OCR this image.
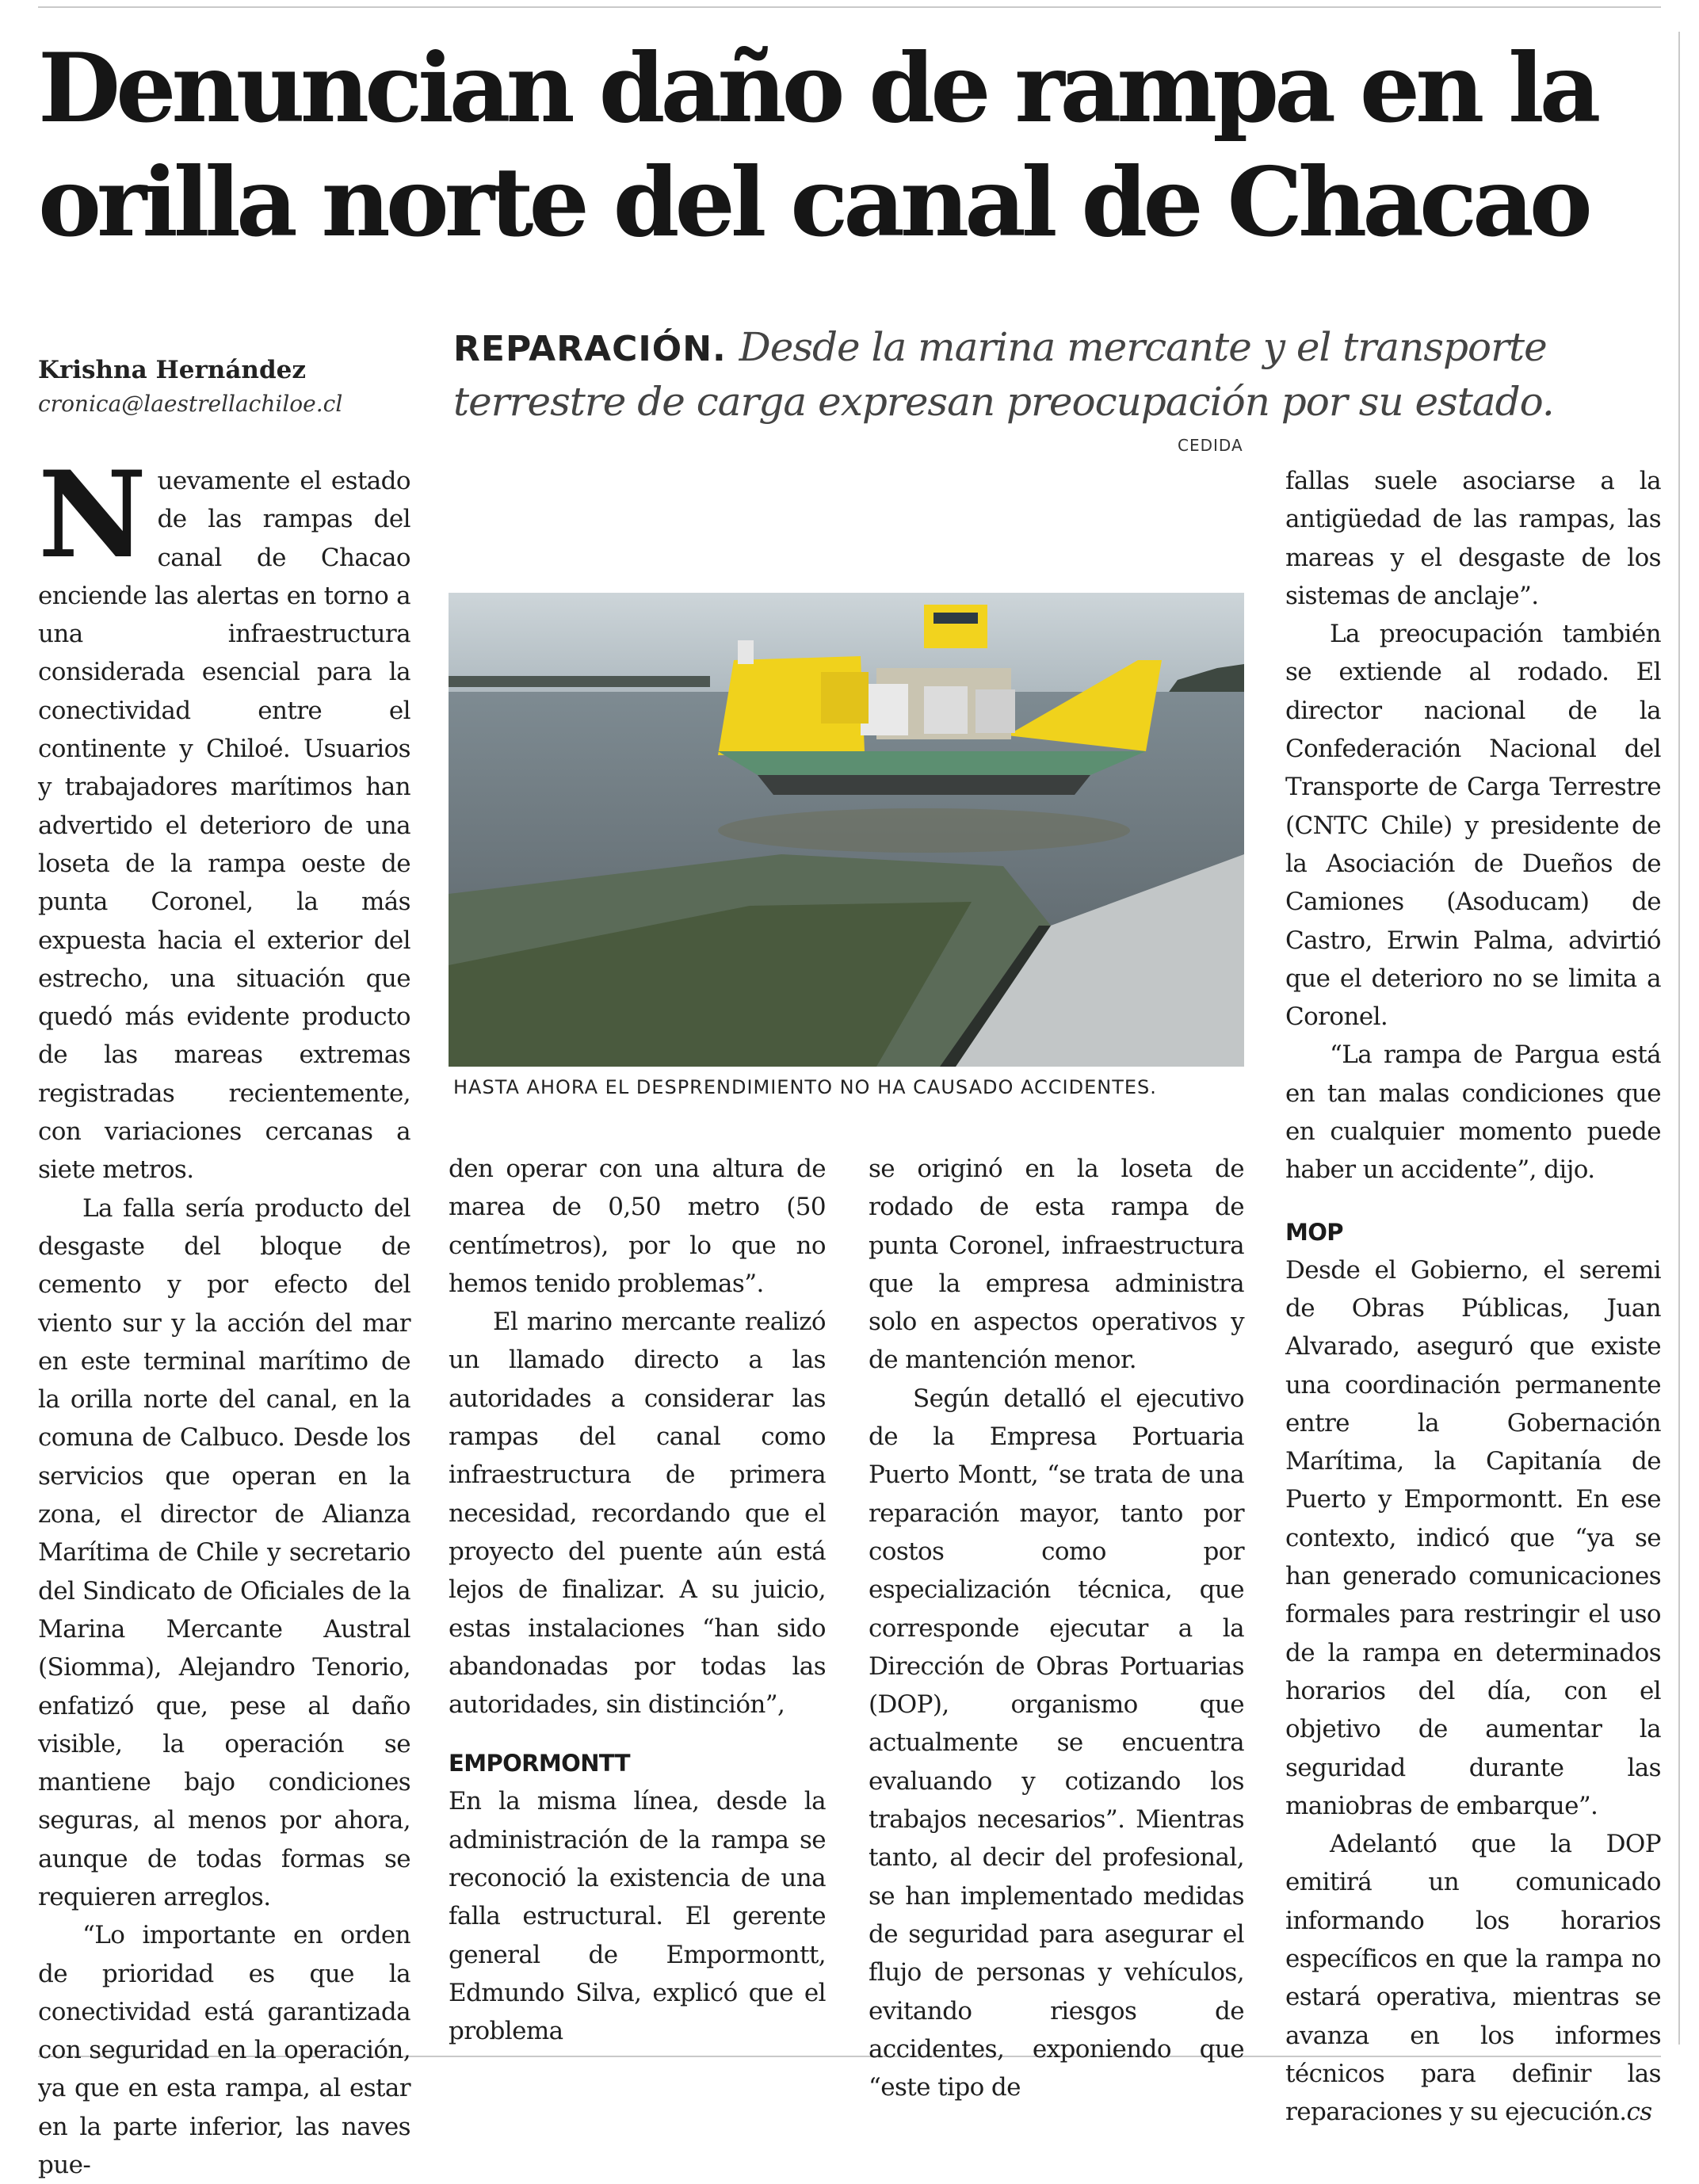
Denuncian daño de rampa en la
orilla norte del canal de Chacao
Krishna Hernández
cronica@laestrellachiloe.cl
REPARACIÓN. Desde la marina mercante y el transporte terrestre de carga expresan preocupación por su estado.
CEDIDA
HASTA AHORA EL DESPRENDIMIENTO NO HA CAUSADO ACCIDENTES.

Nuevamente el estado de las rampas del canal de Chacao enciende las alertas en torno a una infraestructura considerada esencial para la conectividad entre el continente y Chiloé. Usuarios y trabajadores marítimos han advertido el deterioro de una loseta de la rampa oeste de punta Coronel, la más expuesta hacia el exterior del estrecho, una situación que quedó más evidente producto de las mareas extremas registradas recientemente, con variaciones cercanas a siete metros.

La falla sería producto del desgaste del bloque de cemento y por efecto del viento sur y la acción del mar en este terminal marítimo de la orilla norte del canal, en la comuna de Calbuco. Desde los servicios que operan en la zona, el director de Alianza Marítima de Chile y secretario del Sindicato de Oficiales de la Marina Mercante Austral (Siomma), Alejandro Tenorio, enfatizó que, pese al daño visible, la operación se mantiene bajo condiciones seguras, al menos por ahora, aunque de todas formas se requieren arreglos.

“Lo importante en orden de prioridad es que la conectividad está garantizada con seguridad en la operación, ya que en esta rampa, al estar en la parte inferior, las naves pue-

den operar con una altura de marea de 0,50 metro (50 centímetros), por lo que no hemos tenido problemas”.

El marino mercante realizó un llamado directo a las autoridades a considerar las rampas del canal como infraestructura de primera necesidad, recordando que el proyecto del puente aún está lejos de finalizar. A su juicio, estas instalaciones “han sido abandonadas por todas las autoridades, sin distinción”,

EMPORMONTT

En la misma línea, desde la administración de la rampa se reconoció la existencia de una falla estructural. El gerente general de Empormontt, Edmundo Silva, explicó que el problema

se originó en la loseta de rodado de esta rampa de punta Coronel, infraestructura que la empresa administra solo en aspectos operativos y de mantención menor.

Según detalló el ejecutivo de la Empresa Portuaria Puerto Montt, “se trata de una reparación mayor, tanto por costos como por especialización técnica, que corresponde ejecutar a la Dirección de Obras Portuarias (DOP), organismo que actualmente se encuentra evaluando y cotizando los trabajos necesarios”. Mientras tanto, al decir del profesional, se han implementado medidas de seguridad para asegurar el flujo de personas y vehículos, evitando riesgos de accidentes, exponiendo que “este tipo de

fallas suele asociarse a la antigüedad de las rampas, las mareas y el desgaste de los sistemas de anclaje”.

La preocupación también se extiende al rodado. El director nacional de la Confederación Nacional del Transporte de Carga Terrestre (CNTC Chile) y presidente de la Asociación de Dueños de Camiones (Asoducam) de Castro, Erwin Palma, advirtió que el deterioro no se limita a Coronel.

“La rampa de Pargua está en tan malas condiciones que en cualquier momento puede haber un accidente”, dijo.

MOP

Desde el Gobierno, el seremi de Obras Públicas, Juan Alvarado, aseguró que existe una coordinación permanente entre la Gobernación Marítima, la Capitanía de Puerto y Empormontt. En ese contexto, indicó que “ya se han generado comunicaciones formales para restringir el uso de la rampa en determinados horarios del día, con el objetivo de aumentar la seguridad durante las maniobras de embarque”.

Adelantó que la DOP emitirá un comunicado informando los horarios específicos en que la rampa no estará operativa, mientras se avanza en los informes técnicos para definir las reparaciones y su ejecución.cs
